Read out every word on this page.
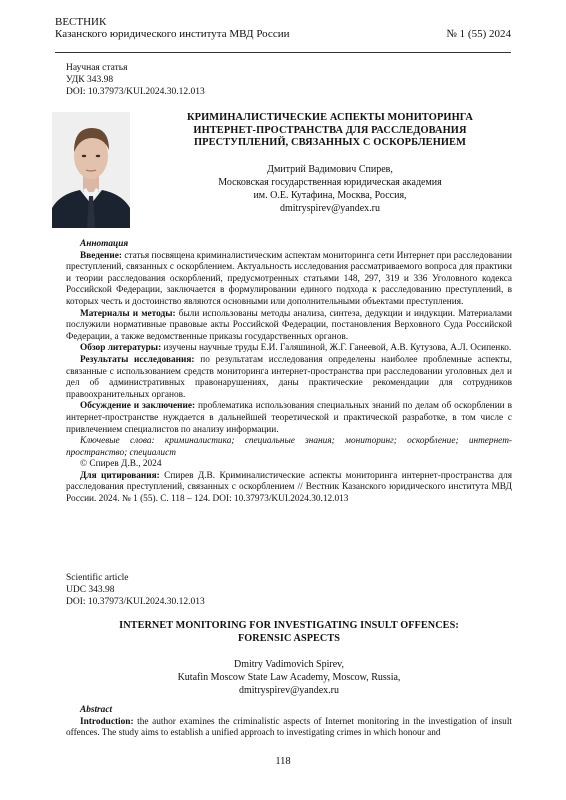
ВЕСТНИК
Казанского юридического института МВД России	№ 1 (55) 2024
Научная статья
УДК 343.98
DOI: 10.37973/KUI.2024.30.12.013
КРИМИНАЛИСТИЧЕСКИЕ АСПЕКТЫ МОНИТОРИНГА
ИНТЕРНЕТ-ПРОСТРАНСТВА ДЛЯ РАССЛЕДОВАНИЯ
ПРЕСТУПЛЕНИЙ, СВЯЗАННЫХ С ОСКОРБЛЕНИЕМ
Дмитрий Вадимович Спирев,
Московская государственная юридическая академия
им. О.Е. Кутафина, Москва, Россия,
dmitryspirev@yandex.ru
Аннотация
Введение: статья посвящена криминалистическим аспектам мониторинга сети Интернет при расследовании преступлений, связанных с оскорблением. Актуальность исследования рассматриваемого вопроса для практики и теории расследования оскорблений, предусмотренных статьями 148, 297, 319 и 336 Уголовного кодекса Российской Федерации, заключается в формулировании единого подхода к расследованию преступлений, в которых честь и достоинство являются основными или дополнительными объектами преступления.
Материалы и методы: были использованы методы анализа, синтеза, дедукции и индукции. Материалами послужили нормативные правовые акты Российской Федерации, постановления Верховного Суда Российской Федерации, а также ведомственные приказы государственных органов.
Обзор литературы: изучены научные труды Е.И. Галяшиной, Ж.Г. Ганеевой, А.В. Кутузова, А.Л. Осипенко.
Результаты исследования: по результатам исследования определены наиболее проблемные аспекты, связанные с использованием средств мониторинга интернет-пространства при расследовании уголовных дел и дел об административных правонарушениях, даны практические рекомендации для сотрудников правоохранительных органов.
Обсуждение и заключение: проблематика использования специальных знаний по делам об оскорблении в интернет-пространстве нуждается в дальнейшей теоретической и практической разработке, в том числе с привлечением специалистов по анализу информации.
Ключевые слова: криминалистика; специальные знания; мониторинг; оскорбление; интернет-пространство; специалист
© Спирев Д.В., 2024
Для цитирования: Спирев Д.В. Криминалистические аспекты мониторинга интернет-пространства для расследования преступлений, связанных с оскорблением // Вестник Казанского юридического института МВД России. 2024. № 1 (55). С. 118 – 124. DOI: 10.37973/KUI.2024.30.12.013
Scientific article
UDC 343.98
DOI: 10.37973/KUI.2024.30.12.013
INTERNET MONITORING FOR INVESTIGATING INSULT OFFENCES:
FORENSIC ASPECTS
Dmitry Vadimovich Spirev,
Kutafin Moscow State Law Academy, Moscow, Russia,
dmitryspirev@yandex.ru
Abstract
Introduction: the author examines the criminalistic aspects of Internet monitoring in the investigation of insult offences. The study aims to establish a unified approach to investigating crimes in which honour and
118
